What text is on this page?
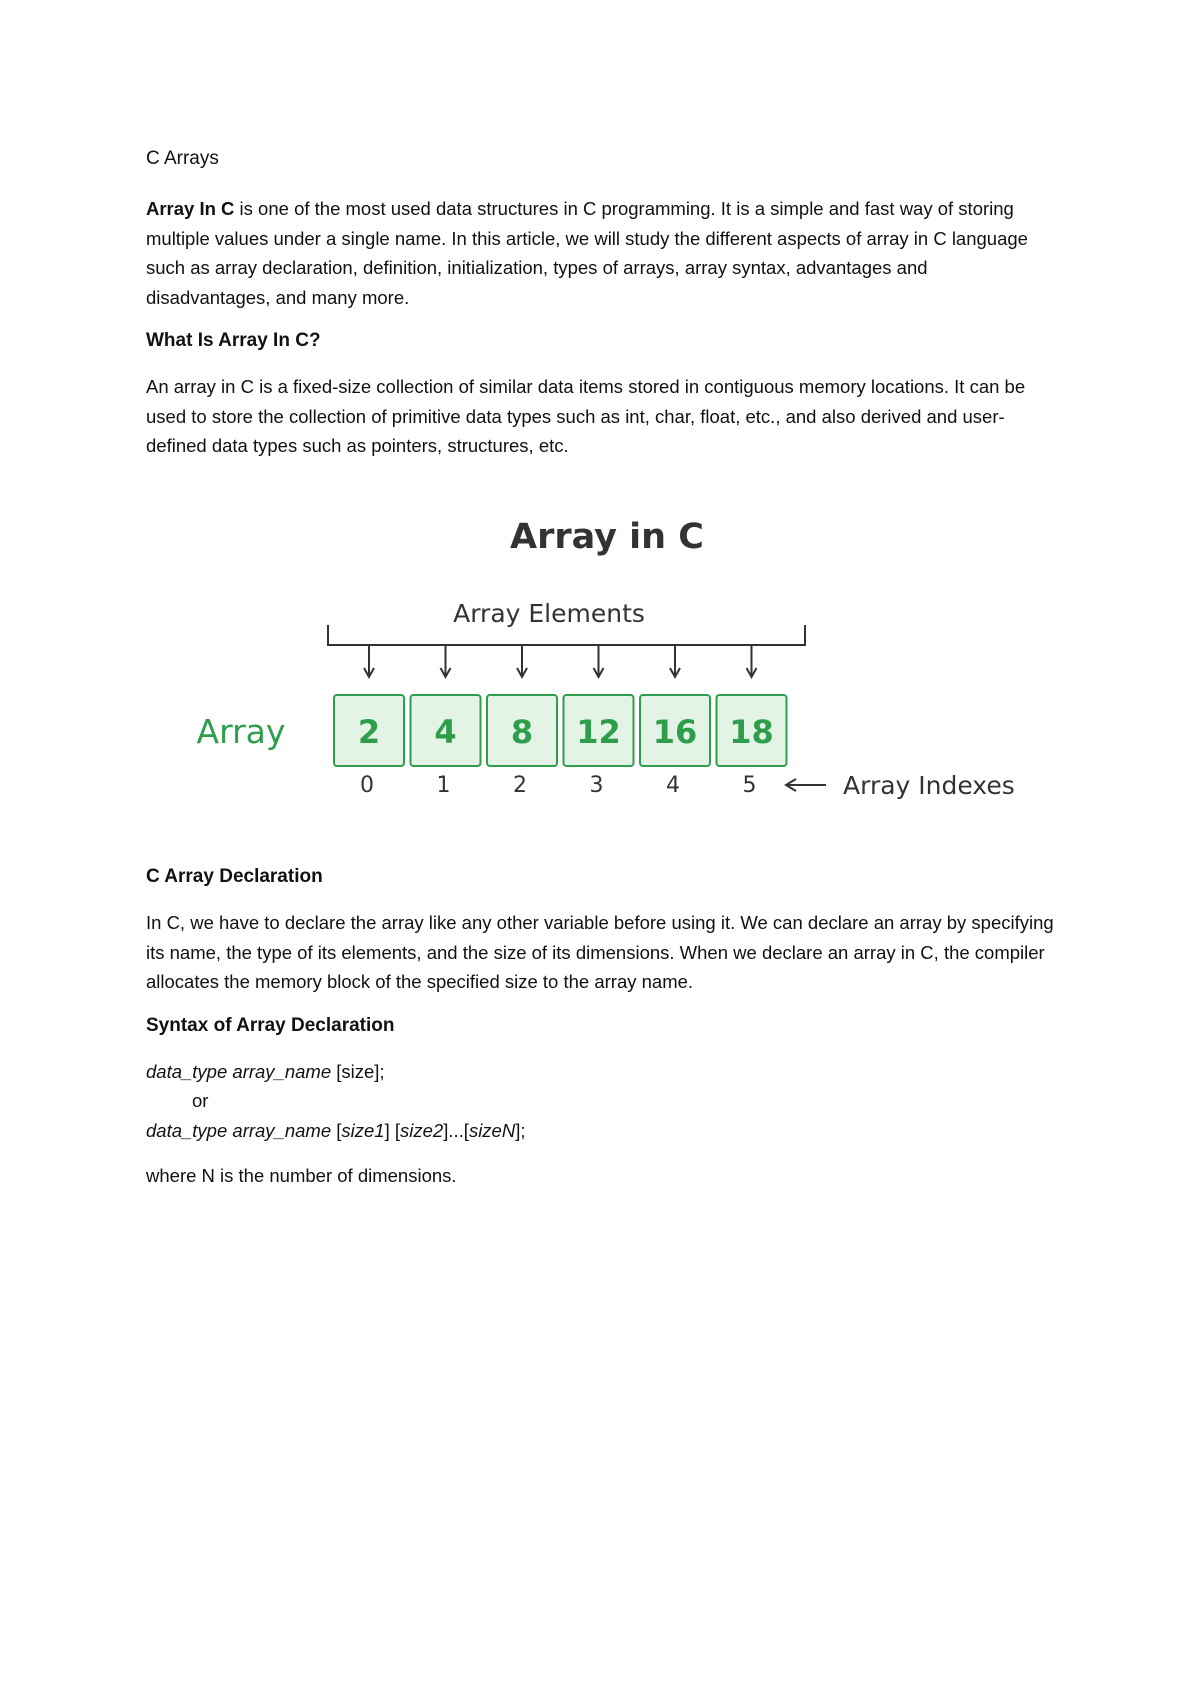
C Arrays

Array In C is one of the most used data structures in C programming. It is a simple and fast way of storing multiple values under a single name. In this article, we will study the different aspects of array in C language such as array declaration, definition, initialization, types of arrays, array syntax, advantages and disadvantages, and many more.

What Is Array In C?

An array in C is a fixed-size collection of similar data items stored in contiguous memory locations. It can be used to store the collection of primitive data types such as int, char, float, etc., and also derived and user-defined data types such as pointers, structures, etc.

Array in C
Array Elements
Array 2 4 8 12 16 18
0	1	2	3	4	5	Array Indexes
C Array Declaration

In C, we have to declare the array like any other variable before using it. We can declare an array by specifying its name, the type of its elements, and the size of its dimensions. When we declare an array in C, the compiler allocates the memory block of the specified size to the array name.

Syntax of Array Declaration
data_type array_name [size];
or
data_type array_name [size1] [size2]...[sizeN];

where N is the number of dimensions.
